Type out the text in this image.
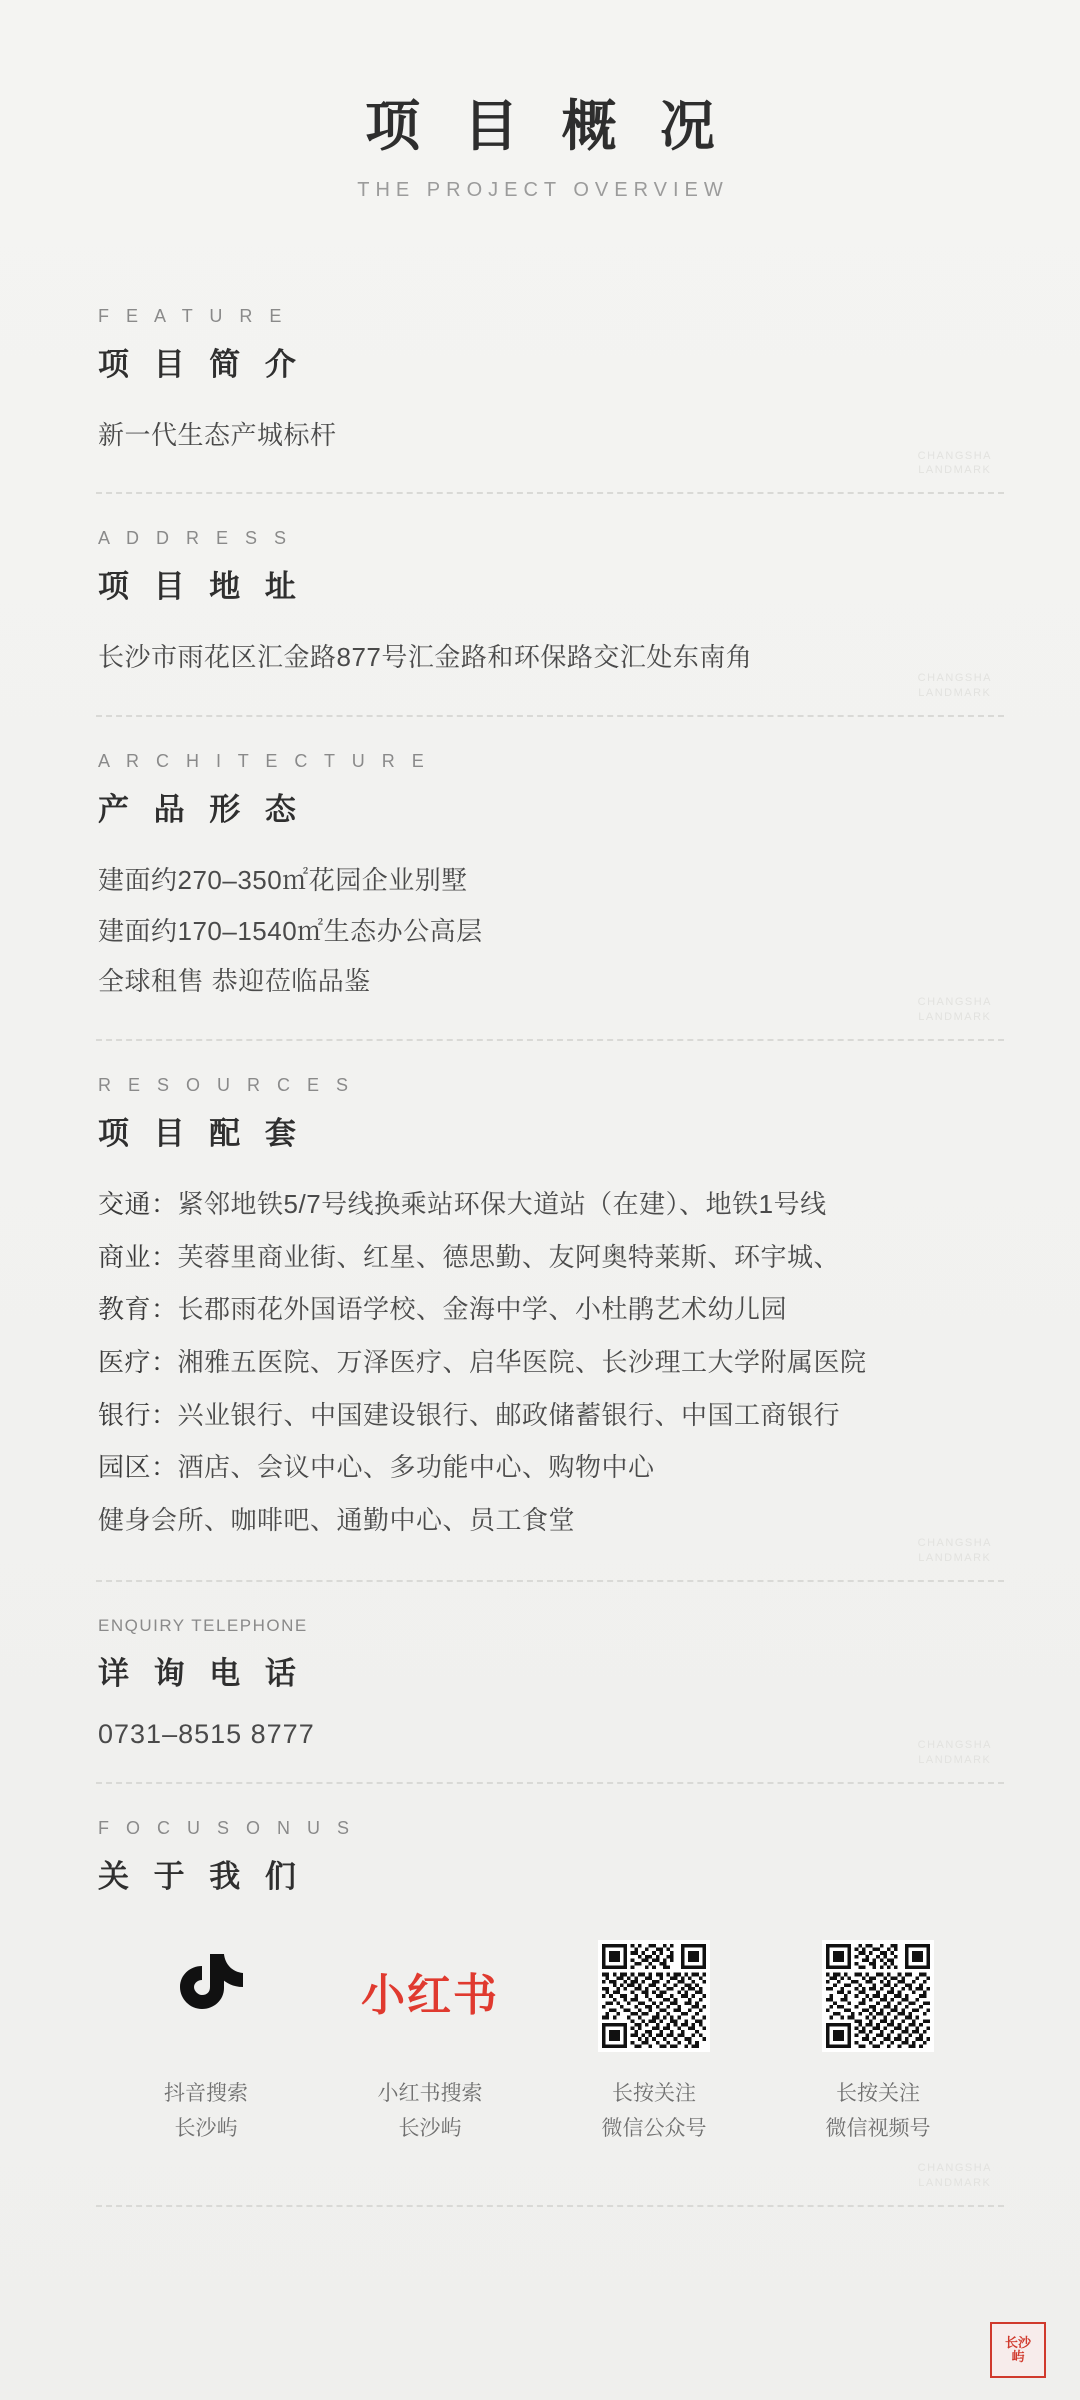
项 目 概 况
THE PROJECT OVERVIEW
F E A T U R E
项 目 简 介
新一代生态产城标杆
CHANGSHA
LANDMARK
A D D R E S S
项 目 地 址
长沙市雨花区汇金路877号汇金路和环保路交汇处东南角
CHANGSHA
LANDMARK
A R C H I T E C T U R E
产 品 形 态
建面约270–350㎡花园企业别墅
建面约170–1540㎡生态办公高层
全球租售 恭迎莅临品鉴
CHANGSHA
LANDMARK
R E S O U R C E S
项 目 配 套
交通：紧邻地铁5/7号线换乘站环保大道站（在建）、地铁1号线
商业：芙蓉里商业街、红星、德思勤、友阿奥特莱斯、环宇城、
教育：长郡雨花外国语学校、金海中学、小杜鹃艺术幼儿园
医疗：湘雅五医院、万泽医疗、启华医院、长沙理工大学附属医院
银行：兴业银行、中国建设银行、邮政储蓄银行、中国工商银行
园区：酒店、会议中心、多功能中心、购物中心
健身会所、咖啡吧、通勤中心、员工食堂
CHANGSHA
LANDMARK
ENQUIRY TELEPHONE
详 询 电 话
0731–8515 8777	CHANGSHA
LANDMARK
F O C U S O N U S
关 于 我 们
抖音搜索
长沙屿
小红书
小红书搜索
长沙屿
长按关注
微信公众号
长按关注
微信视频号
CHANGSHA
LANDMARK
长沙
屿
